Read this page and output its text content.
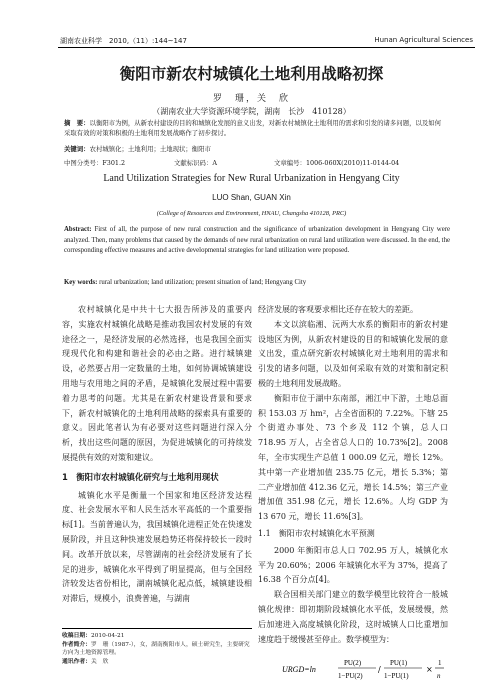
湖南农业科学　2010,（11）:144~147	Hunan Agricultural Sciences
衡阳市新农村城镇化土地利用战略初探
罗　珊，关　欣
（湖南农业大学资源环境学院，湖南　长沙　410128）
摘　要：以衡阳市为例，从新农村建设的目的和城镇化发展的意义出发，对新农村城镇化土地利用的需求和引发的诸多问题，以及如何采取有效的对策和积极的土地利用发展战略作了初步探讨。
关键词：农村城镇化；土地利用；土地现状；衡阳市
中图分类号：F301.2	文献标识码：A	文章编号：1006-060X(2010)11-0144-04
Land Utilization Strategies for New Rural Urbanization in Hengyang City
LUO Shan, GUAN Xin
(College of Resources and Environment, HNAU, Changsha 410128, PRC)
Abstract: First of all, the purpose of new rural construction and the significance of urbanization development in Hengyang City were analyzed. Then, many problems that caused by the demands of new rural urbanization on rural land utilization were discussed. In the end, the corresponding effective measures and active developmental strategies for land utilization were proposed.
Key words: rural urbanization; land utilization; present situation of land; Hengyang City

农村城镇化是中共十七大报告所涉及的重要内容，实施农村城镇化战略是推动我国农村发展的有效途径之一，是经济发展的必然选择，也是我国全面实现现代化和构建和谐社会的必由之路。进行城镇建设，必然要占用一定数量的土地，如何协调城镇建设用地与农用地之间的矛盾，是城镇化发展过程中需要着力思考的问题。尤其是在新农村建设背景和要求下，新农村城镇化的土地利用战略的探索具有重要的意义。因此笔者认为有必要对这些问题进行深入分析，找出这些问题的原因，为促进城镇化的可持续发展提供有效的对策和建议。

1　衡阳市农村城镇化研究与土地利用现状

城镇化水平是衡量一个国家和地区经济发达程度、社会发展水平和人民生活水平高低的一个重要指标[1]。当前普遍认为，我国城镇化进程正处在快速发展阶段，并且这种快速发展趋势还将保持较长一段时间。改革开放以来，尽管湖南的社会经济发展有了长足的进步，城镇化水平得到了明显提高，但与全国经济较发达省份相比，湖南城镇化起点低，城镇建设相对滞后，规模小，浪费普遍，与湖南

收稿日期：2010-04-21
作者简介：罗　珊（1987-），女，湖南衡阳市人，硕士研究生，主要研究方向为土地资源管理。
通讯作者：关　欣

经济发展的客观要求相比还存在较大的差距。

本文以滨临湘、沅两大水系的衡阳市的新农村建设地区为例，从新农村建设的目的和城镇化发展的意义出发，重点研究新农村城镇化对土地利用的需求和引发的诸多问题，以及如何采取有效的对策和制定积极的土地利用发展战略。

衡阳市位于湖中东南部，湘江中下游，土地总面积 153.03 万 hm²，占全省面积的 7.22%。下辖 25 个街道办事处、73 个乡及 112 个镇，总人口 718.95 万人，占全省总人口的 10.73%[2]。2008 年，全市实现生产总值 1 000.09 亿元，增长 12%。其中第一产业增加值 235.75 亿元，增长 5.3%；第二产业增加值 412.36 亿元，增长 14.5%；第三产业增加值 351.98 亿元，增长 12.6%。人均 GDP 为 13 670 元，增长 11.6%[3]。

1.1　衡阳市农村城镇化水平预测

2000 年衡阳市总人口 702.95 万人，城镇化水平为 20.60%；2006 年城镇化水平为 37%，提高了 16.38 个百分点[4]。

联合国相关部门建立的数学模型比较符合一般城镇化规律：即初期阶段城镇化水平低，发展缓慢，然后加速进入高度城镇化阶段，这时城镇人口比重增加速度趋于缓慢甚至停止。数学模型为：

URGD=ln
PU(2)
1−PU(2)
/
PU(1)
1−PU(1)
×
1
n
